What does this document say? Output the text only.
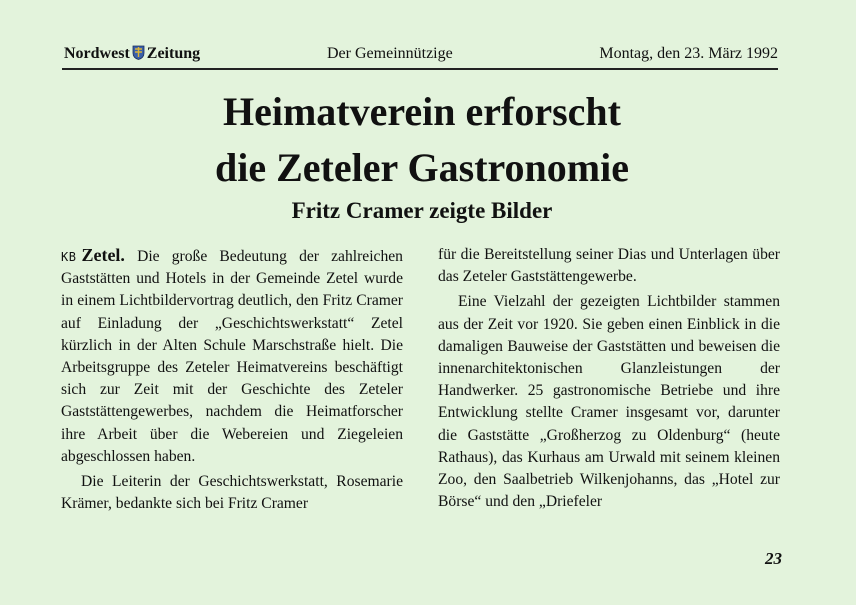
Nordwest Zeitung	Der Gemeinnützige	Montag, den 23. März 1992
Heimatverein erforscht
die Zeteler Gastronomie
Fritz Cramer zeigte Bilder

KB Zetel. Die große Bedeutung der zahlreichen Gaststätten und Hotels in der Gemeinde Zetel wurde in einem Lichtbildervortrag deutlich, den Fritz Cramer auf Einladung der „Geschichtswerkstatt“ Zetel kürzlich in der Alten Schule Marschstraße hielt. Die Arbeitsgruppe des Zeteler Heimatvereins beschäftigt sich zur Zeit mit der Geschichte des Zeteler Gaststättengewerbes, nachdem die Heimatforscher ihre Arbeit über die Webereien und Ziegeleien abgeschlossen haben.

Die Leiterin der Geschichtswerkstatt, Rosemarie Krämer, bedankte sich bei Fritz Cramer

für die Bereitstellung seiner Dias und Unterlagen über das Zeteler Gaststättengewerbe.

Eine Vielzahl der gezeigten Lichtbilder stammen aus der Zeit vor 1920. Sie geben einen Einblick in die damaligen Bauweise der Gaststätten und beweisen die innenarchitektonischen Glanzleistungen der Handwerker. 25 gastronomische Betriebe und ihre Entwicklung stellte Cramer insgesamt vor, darunter die Gaststätte „Großherzog zu Oldenburg“ (heute Rathaus), das Kurhaus am Urwald mit seinem kleinen Zoo, den Saalbetrieb Wilkenjohanns, das „Hotel zur Börse“ und den „Driefeler

23
